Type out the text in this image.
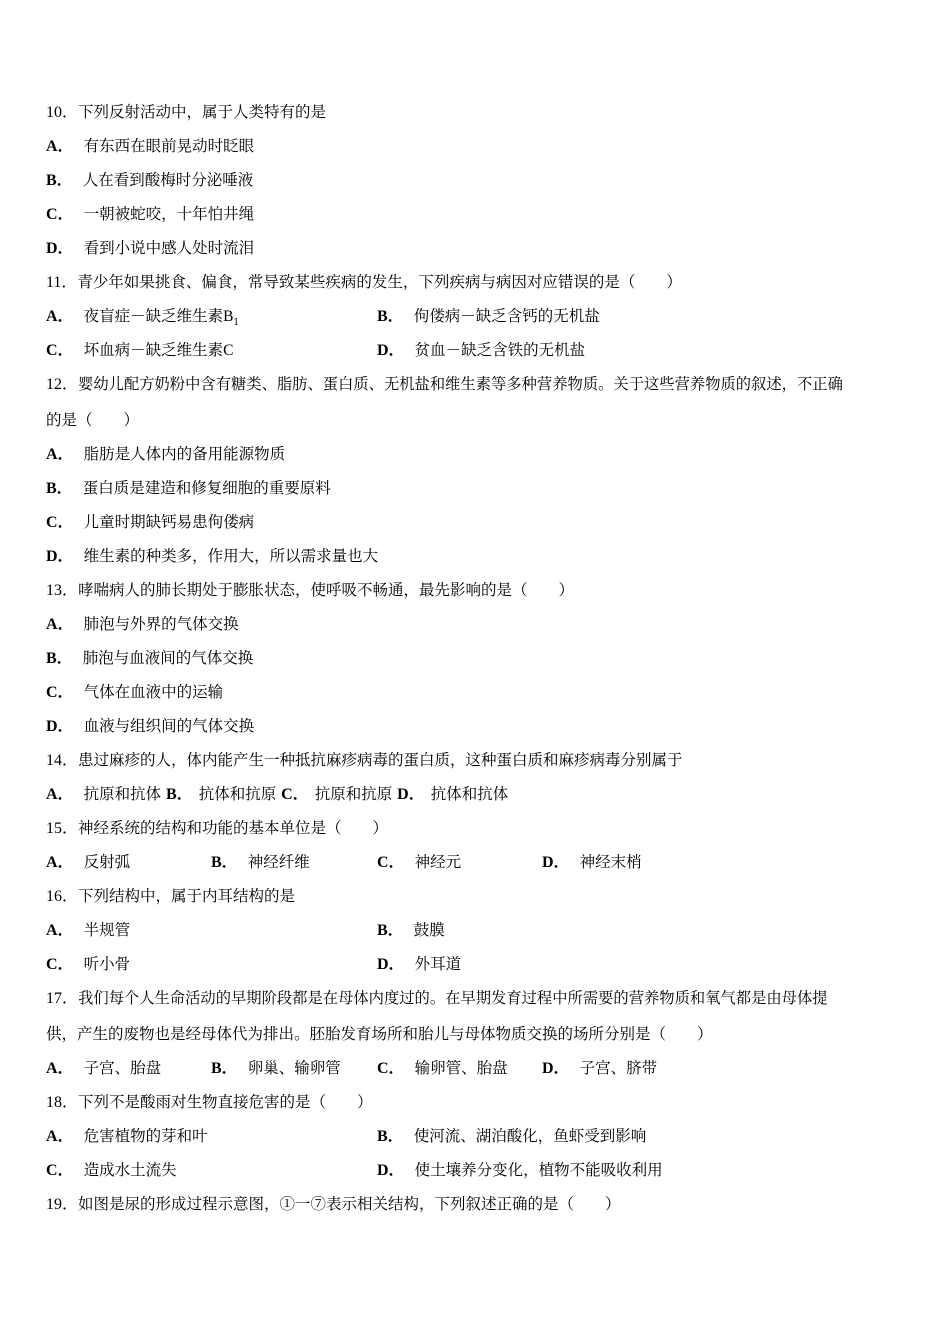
10．下列反射活动中，属于人类特有的是
A． 有东西在眼前晃动时眨眼
B． 人在看到酸梅时分泌唾液
C． 一朝被蛇咬，十年怕井绳
D． 看到小说中感人处时流泪
11．青少年如果挑食、偏食，常导致某些疾病的发生，下列疾病与病因对应错误的是（　　）
A． 夜盲症－缺乏维生素$B_1$	B． 佝偻病－缺乏含钙的无机盐
C． 坏血病－缺乏维生素C	D． 贫血－缺乏含铁的无机盐
12．婴幼儿配方奶粉中含有糖类、脂肪、蛋白质、无机盐和维生素等多种营养物质。关于这些营养物质的叙述，不正确
的是（　　）
A． 脂肪是人体内的备用能源物质
B． 蛋白质是建造和修复细胞的重要原料
C． 儿童时期缺钙易患佝偻病
D． 维生素的种类多，作用大，所以需求量也大
13．哮喘病人的肺长期处于膨胀状态，使呼吸不畅通，最先影响的是（　　）
A． 肺泡与外界的气体交换
B． 肺泡与血液间的气体交换
C． 气体在血液中的运输
D． 血液与组织间的气体交换
14．患过麻疹的人，体内能产生一种抵抗麻疹病毒的蛋白质，这种蛋白质和麻疹病毒分别属于
A． 抗原和抗体 B． 抗体和抗原 C． 抗原和抗原 D． 抗体和抗体
15．神经系统的结构和功能的基本单位是（　　）
A． 反射弧	B． 神经纤维	C． 神经元	D． 神经末梢
16．下列结构中，属于内耳结构的是
A． 半规管	B． 鼓膜
C． 听小骨	D． 外耳道
17．我们每个人生命活动的早期阶段都是在母体内度过的。在早期发育过程中所需要的营养物质和氧气都是由母体提
供，产生的废物也是经母体代为排出。胚胎发育场所和胎儿与母体物质交换的场所分别是（　　）
A． 子宫、胎盘	B． 卵巢、输卵管 C． 输卵管、胎盘 D． 子宫、脐带
18．下列不是酸雨对生物直接危害的是（　　）
A． 危害植物的芽和叶	B． 使河流、湖泊酸化，鱼虾受到影响
C． 造成水土流失	D． 使土壤养分变化，植物不能吸收利用
19．如图是尿的形成过程示意图，①一⑦表示相关结构，下列叙述正确的是（　　）
